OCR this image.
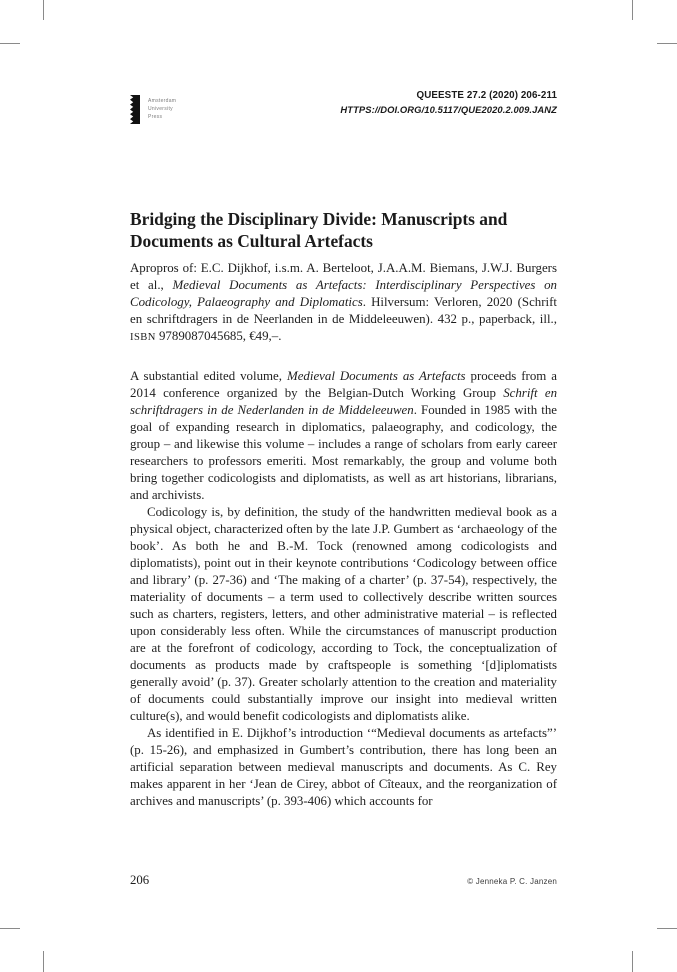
Amsterdam
University
Press
QUEESTE 27.2 (2020) 206-211
HTTPS://DOI.ORG/10.5117/QUE2020.2.009.JANZ
Bridging the Disciplinary Divide: Manuscripts and Documents as Cultural Artefacts
Apropros of: E.C. Dijkhof, i.s.m. A. Berteloot, J.A.A.M. Biemans, J.W.J. Burgers et al., Medieval Documents as Artefacts: Interdisciplinary Perspectives on Codicology, Palaeography and Diplomatics. Hilversum: Verloren, 2020 (Schrift en schriftdragers in de Neerlanden in de Middeleeuwen). 432 p., paperback, ill., ISBN 9789087045685, €49,–.

A substantial edited volume, Medieval Documents as Artefacts proceeds from a 2014 conference organized by the Belgian-Dutch Working Group Schrift en schriftdragers in de Nederlanden in de Middeleeuwen. Founded in 1985 with the goal of expanding research in diplomatics, palaeography, and codicology, the group – and likewise this volume – includes a range of scholars from early career researchers to professors emeriti. Most remarkably, the group and volume both bring together codicologists and diplomatists, as well as art historians, librarians, and archivists.

Codicology is, by definition, the study of the handwritten medieval book as a physical object, characterized often by the late J.P. Gumbert as ‘archaeology of the book’. As both he and B.-M. Tock (renowned among codicologists and diplomatists), point out in their keynote contributions ‘Codicology between office and library’ (p. 27-36) and ‘The making of a charter’ (p. 37-54), respectively, the materiality of documents – a term used to collectively describe written sources such as charters, registers, letters, and other administrative material – is reflected upon considerably less often. While the circumstances of manuscript production are at the forefront of codicology, according to Tock, the conceptualization of documents as products made by craftspeople is something ‘[d]iplomatists generally avoid’ (p. 37). Greater scholarly attention to the creation and materiality of documents could substantially improve our insight into medieval written culture(s), and would benefit codicologists and diplomatists alike.

As identified in E. Dijkhof’s introduction ‘“Medieval documents as artefacts”’ (p. 15-26), and emphasized in Gumbert’s contribution, there has long been an artificial separation between medieval manuscripts and documents. As C. Rey makes apparent in her ‘Jean de Cirey, abbot of Cîteaux, and the reorganization of archives and manuscripts’ (p. 393-406) which accounts for

206	© Jenneka P. C. Janzen
